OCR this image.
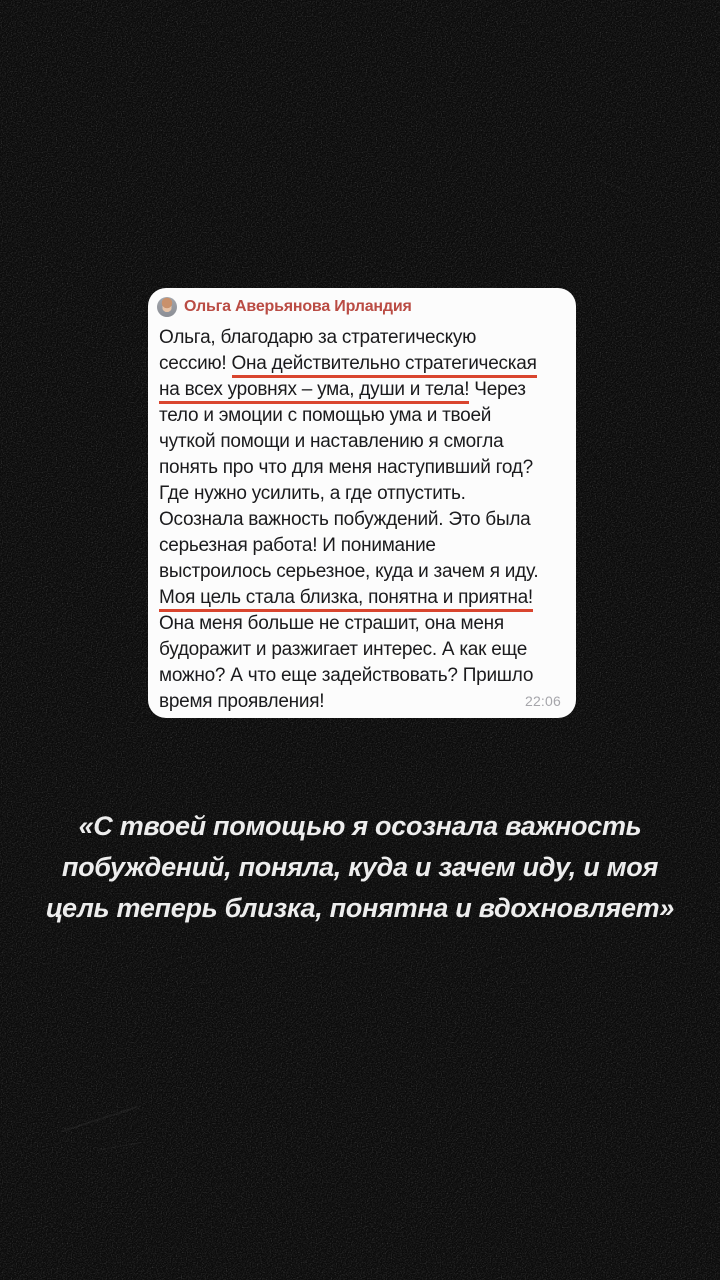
Ольга Аверьянова Ирландия
Ольга, благодарю за стратегическую
сессию! Она действительно стратегическая
на всех уровнях – ума, души и тела! Через
тело и эмоции с помощью ума и твоей
чуткой помощи и наставлению я смогла
понять про что для меня наступивший год?
Где нужно усилить, а где отпустить.
Осознала важность побуждений. Это была
серьезная работа! И понимание
выстроилось серьезное, куда и зачем я иду.
Моя цель стала близка, понятна и приятна!
Она меня больше не страшит, она меня
будоражит и разжигает интерес. А как еще
можно? А что еще задействовать? Пришло
время проявления!	22:06
«С твоей помощью я осознала важность
побуждений, поняла, куда и зачем иду, и моя
цель теперь близка, понятна и вдохновляет»
